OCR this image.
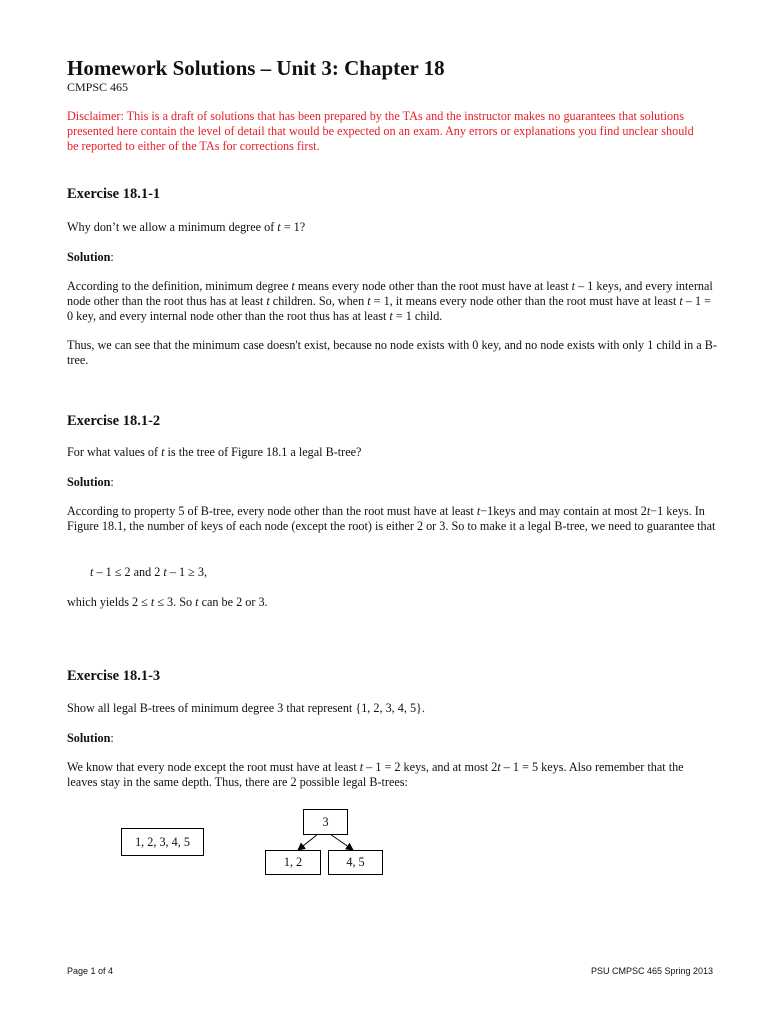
Homework Solutions – Unit 3: Chapter 18
CMPSC 465
Disclaimer: This is a draft of solutions that has been prepared by the TAs and the instructor makes no guarantees that solutions presented here contain the level of detail that would be expected on an exam. Any errors or explanations you find unclear should be reported to either of the TAs for corrections first.
Exercise 18.1-1
Why don’t we allow a minimum degree of t = 1?
Solution:
According to the definition, minimum degree t means every node other than the root must have at least t – 1 keys, and every internal node other than the root thus has at least t children. So, when t = 1, it means every node other than the root must have at least t – 1 = 0 key, and every internal node other than the root thus has at least t = 1 child.
Thus, we can see that the minimum case doesn't exist, because no node exists with 0 key, and no node exists with only 1 child in a B-tree.
Exercise 18.1-2
For what values of t is the tree of Figure 18.1 a legal B-tree?
Solution:
According to property 5 of B-tree, every node other than the root must have at least t−1keys and may contain at most 2t−1 keys. In Figure 18.1, the number of keys of each node (except the root) is either 2 or 3. So to make it a legal B-tree, we need to guarantee that
t – 1 ≤ 2 and 2 t – 1 ≥ 3,
which yields 2 ≤ t ≤ 3. So t can be 2 or 3.
Exercise 18.1-3
Show all legal B-trees of minimum degree 3 that represent {1, 2, 3, 4, 5}.
Solution:
We know that every node except the root must have at least t – 1 = 2 keys, and at most 2t – 1 = 5 keys. Also remember that the leaves stay in the same depth. Thus, there are 2 possible legal B-trees:
1, 2, 3, 4, 5
3
1, 2	4, 5
Page 1 of 4	PSU CMPSC 465 Spring 2013
